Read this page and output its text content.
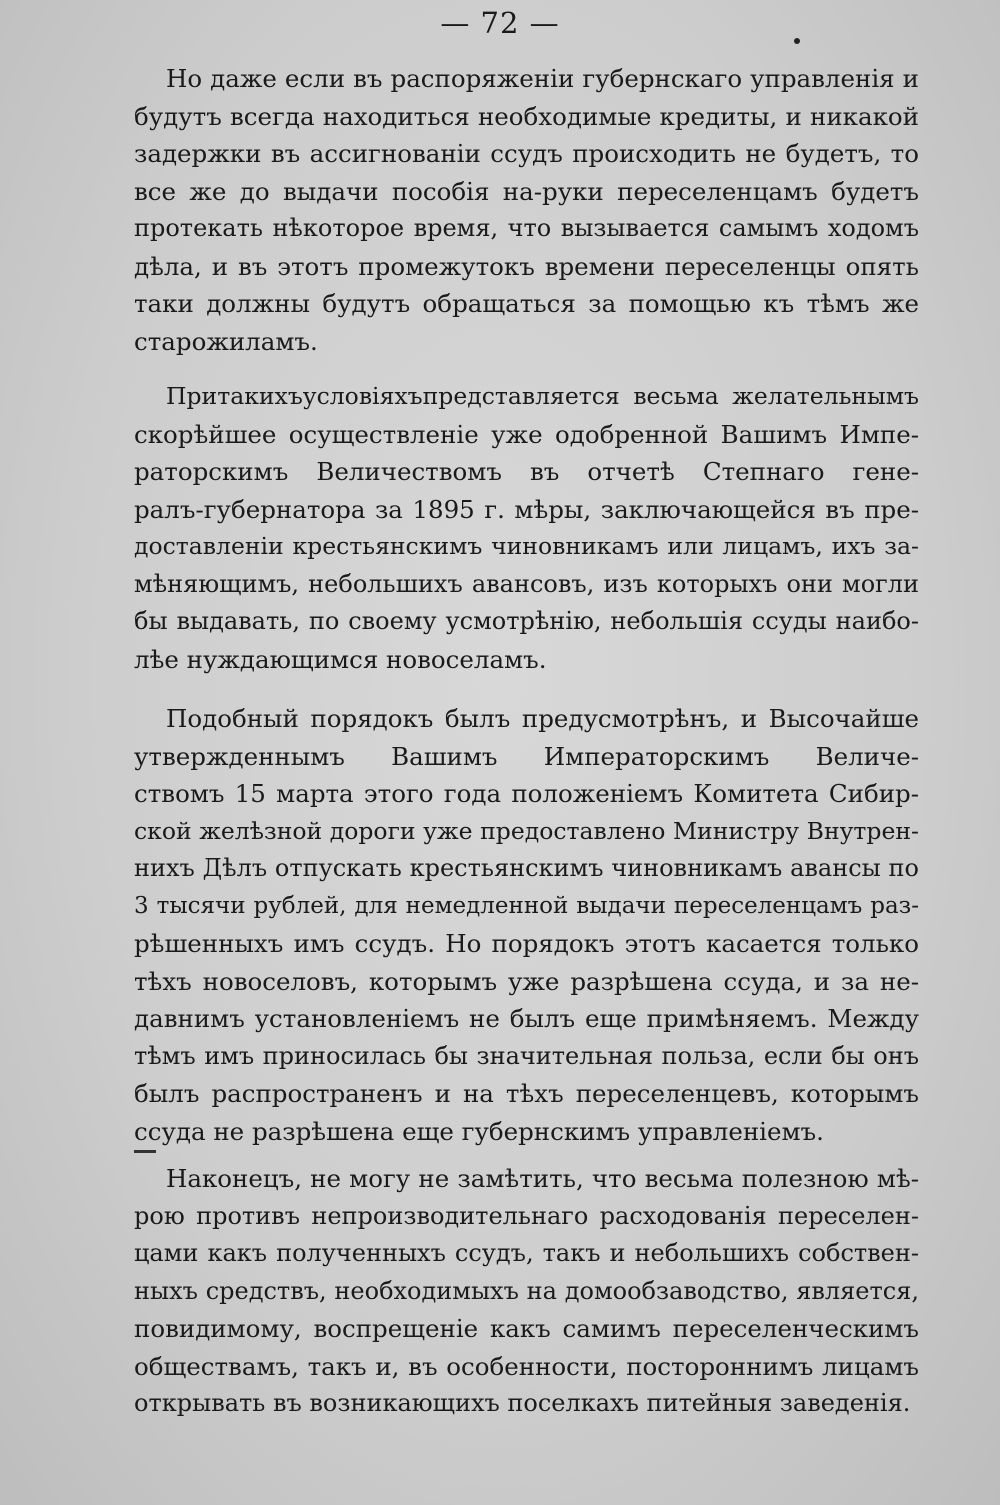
— 72 —
Но даже если въ распоряженіи губернскаго управленія и
будутъ всегда находиться необходимые кредиты, и никакой
задержки въ ассигнованіи ссудъ происходить не будетъ, то
все же до выдачи пособія на-руки переселенцамъ будетъ
протекать нѣкоторое время, что вызывается самымъ ходомъ
дѣла, и въ этотъ промежутокъ времени переселенцы опять
таки должны будутъ обращаться за помощью къ тѣмъ же
старожиламъ.
Притакихъусловіяхъпредставляется весьма желательнымъ
скорѣйшее осуществленіе уже одобренной Вашимъ Импе-
раторскимъ Величествомъ въ отчетѣ Степнаго гене-
ралъ-губернатора за 1895 г. мѣры, заключающейся въ пре-
доставленіи крестьянскимъ чиновникамъ или лицамъ, ихъ за-
мѣняющимъ, небольшихъ авансовъ, изъ которыхъ они могли
бы выдавать, по своему усмотрѣнію, небольшія ссуды наибо-
лѣе нуждающимся новоселамъ.
Подобный порядокъ былъ предусмотрѣнъ, и Высочайше
утвержденнымъ Вашимъ Императорскимъ Величе-
ствомъ 15 марта этого года положеніемъ Комитета Сибир-
ской желѣзной дороги уже предоставлено Министру Внутрен-
нихъ Дѣлъ отпускать крестьянскимъ чиновникамъ авансы по
3 тысячи рублей, для немедленной выдачи переселенцамъ раз-
рѣшенныхъ имъ ссудъ. Но порядокъ этотъ касается только
тѣхъ новоселовъ, которымъ уже разрѣшена ссуда, и за не-
давнимъ установленіемъ не былъ еще примѣняемъ. Между
тѣмъ имъ приносилась бы значительная польза, если бы онъ
былъ распространенъ и на тѣхъ переселенцевъ, которымъ
ссуда не разрѣшена еще губернскимъ управленіемъ.
Наконецъ, не могу не замѣтить, что весьма полезною мѣ-
рою противъ непроизводительнаго расходованія переселен-
цами какъ полученныхъ ссудъ, такъ и небольшихъ собствен-
ныхъ средствъ, необходимыхъ на домообзаводство, является,
повидимому, воспрещеніе какъ самимъ переселенческимъ
обществамъ, такъ и, въ особенности, постороннимъ лицамъ
открывать въ возникающихъ поселкахъ питейныя заведенія.
